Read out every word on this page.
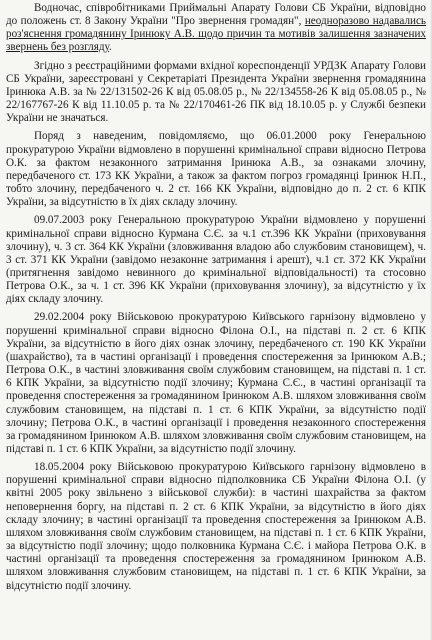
Водночас, співробітниками Приймальні Апарату Голови СБ України, відповідно до положень ст. 8 Закону України "Про звернення громадян", неодноразово надавались роз'яснення громадянину Іринюку А.В. щодо причин та мотивів залишення зазначених звернень без розгляду.

Згідно з реєстраційними формами вхідної кореспонденції УРДЗК Апарату Голови СБ України, зареєстровані у Секретаріаті Президента України звернення громадянина Іринюка А.В. за № 22/131502-26 К від 05.08.05 р., № 22/134558-26 К від 05.08.05 р., № 22/167767-26 К від 11.10.05 р. та № 22/170461-26 ПК від 18.10.05 р. у Службі безпеки України не значаться.

Поряд з наведеним, повідомляємо, що 06.01.2000 року Генеральною прокуратурою України відмовлено в порушенні кримінальної справи відносно Петрова О.К. за фактом незаконного затримання Іринюка А.В., за ознаками злочину, передбаченого ст. 173 КК України, а також за фактом погроз громадянці Іринюк Н.П., тобто злочину, передбаченого ч. 2 ст. 166 КК України, відповідно до п. 2 ст. 6 КПК України, за відсутністю в їх діях складу злочину.

09.07.2003 року Генеральною прокуратурою України відмовлено у порушенні кримінальної справи відносно Курмана С.Є. за ч.1 ст.396 КК України (приховування злочину), ч. 3 ст. 364 КК України (зловживання владою або службовим становищем), ч. 3 ст. 371 КК України (завідомо незаконне затримання і арешт), ч.1 ст. 372 КК України (притягнення завідомо невинного до кримінальної відповідальності) та стосовно Петрова О.К., за ч. 1 ст. 396 КК України (приховування злочину), за відсутністю у їх діях складу злочину.

29.02.2004 року Військовою прокуратурою Київського гарнізону відмовлено у порушенні кримінальної справи відносно Філона О.І., на підставі п. 2 ст. 6 КПК України, за відсутністю в його діях ознак злочину, передбаченого ст. 190 КК України (шахрайство), та в частині організації і проведення спостереження за Іринюком А.В.; Петрова О.К., в частині зловживання своїм службовим становищем, на підставі п. 1 ст. 6 КПК України, за відсутністю події злочину; Курмана С.Є., в частині організації та проведення спостереження за громадянином Іринюком А.В. шляхом зловживання своїм службовим становищем, на підставі п. 1 ст. 6 КПК України, за відсутністю події злочину; Петрова О.К., в частині організації і проведення незаконного спостереження за громадянином Іринюком А.В. шляхом зловживання своїм службовим становищем, на підставі п. 1 ст. 6 КПК України, за відсутністю події злочину.

18.05.2004 року Військовою прокуратурою Київського гарнізону відмовлено в порушенні кримінальної справи відносно підполковника СБ України Філона О.І. (у квітні 2005 року звільнено з військової служби): в частині шахрайства за фактом неповернення боргу, на підставі п. 2 ст. 6 КПК України, за відсутністю в його діях складу злочину; в частині організації та проведення спостереження за Іринюком А.В. шляхом зловживання своїм службовим становищем, на підставі п. 1 ст. 6 КПК України, за відсутністю події злочину; щодо полковника Курмана С.Є. і майора Петрова О.К. в частині організації та проведення спостереження за громадянином Іринюком А.В. шляхом зловживання службовим становищем, на підставі п. 1 ст. 6 КПК України, за відсутністю події злочину.
